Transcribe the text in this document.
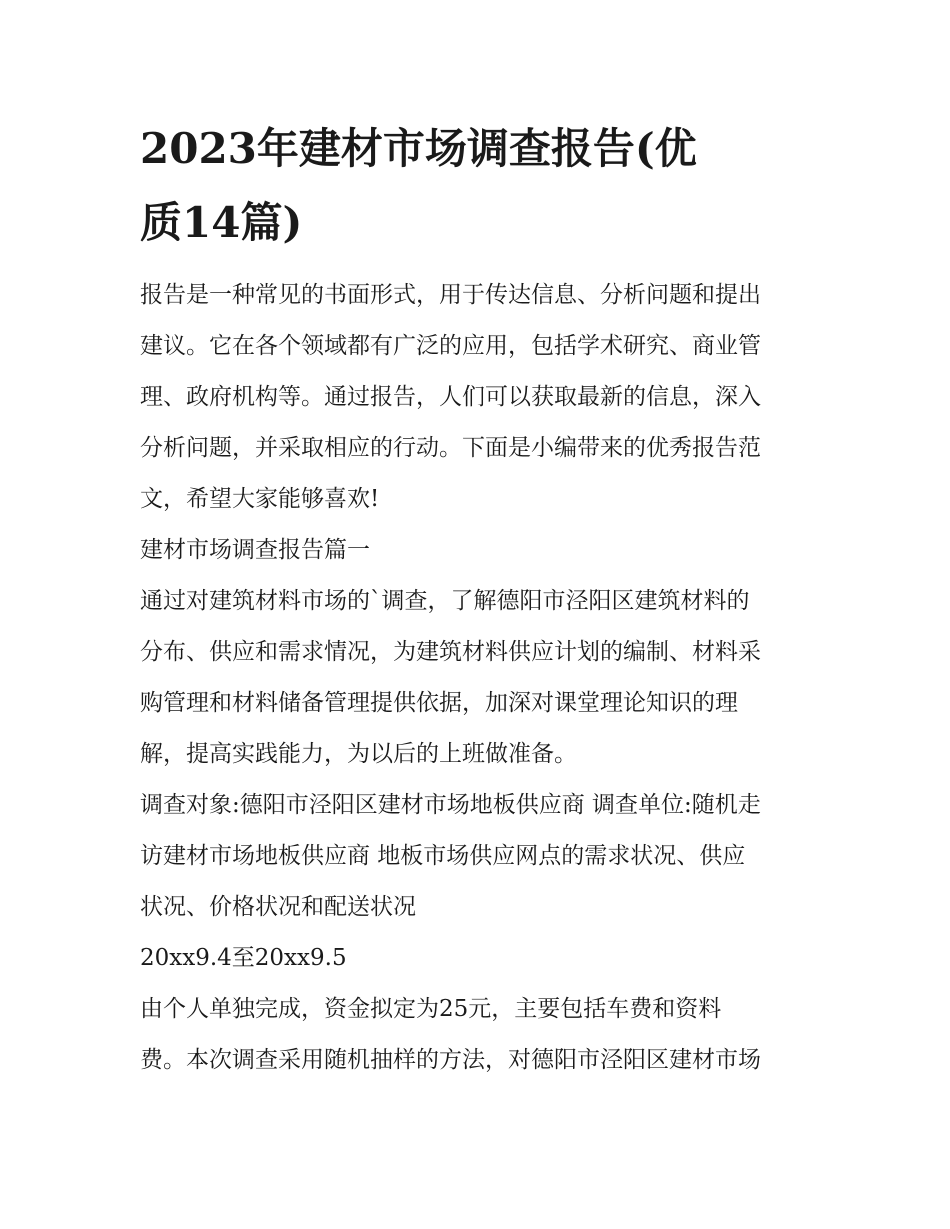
2023年建材市场调查报告(优
质14篇)

报告是一种常见的书面形式，用于传达信息、分析问题和提出
建议。它在各个领域都有广泛的应用，包括学术研究、商业管
理、政府机构等。通过报告，人们可以获取最新的信息，深入
分析问题，并采取相应的行动。下面是小编带来的优秀报告范
文，希望大家能够喜欢!

建材市场调查报告篇一

通过对建筑材料市场的`调查，了解德阳市泾阳区建筑材料的
分布、供应和需求情况，为建筑材料供应计划的编制、材料采
购管理和材料储备管理提供依据，加深对课堂理论知识的理
解，提高实践能力，为以后的上班做准备。

调查对象:德阳市泾阳区建材市场地板供应商 调查单位:随机走
访建材市场地板供应商 地板市场供应网点的需求状况、供应
状况、价格状况和配送状况

20xx9.4至20xx9.5

由个人单独完成，资金拟定为25元，主要包括车费和资料
费。本次调查采用随机抽样的方法，对德阳市泾阳区建材市场
